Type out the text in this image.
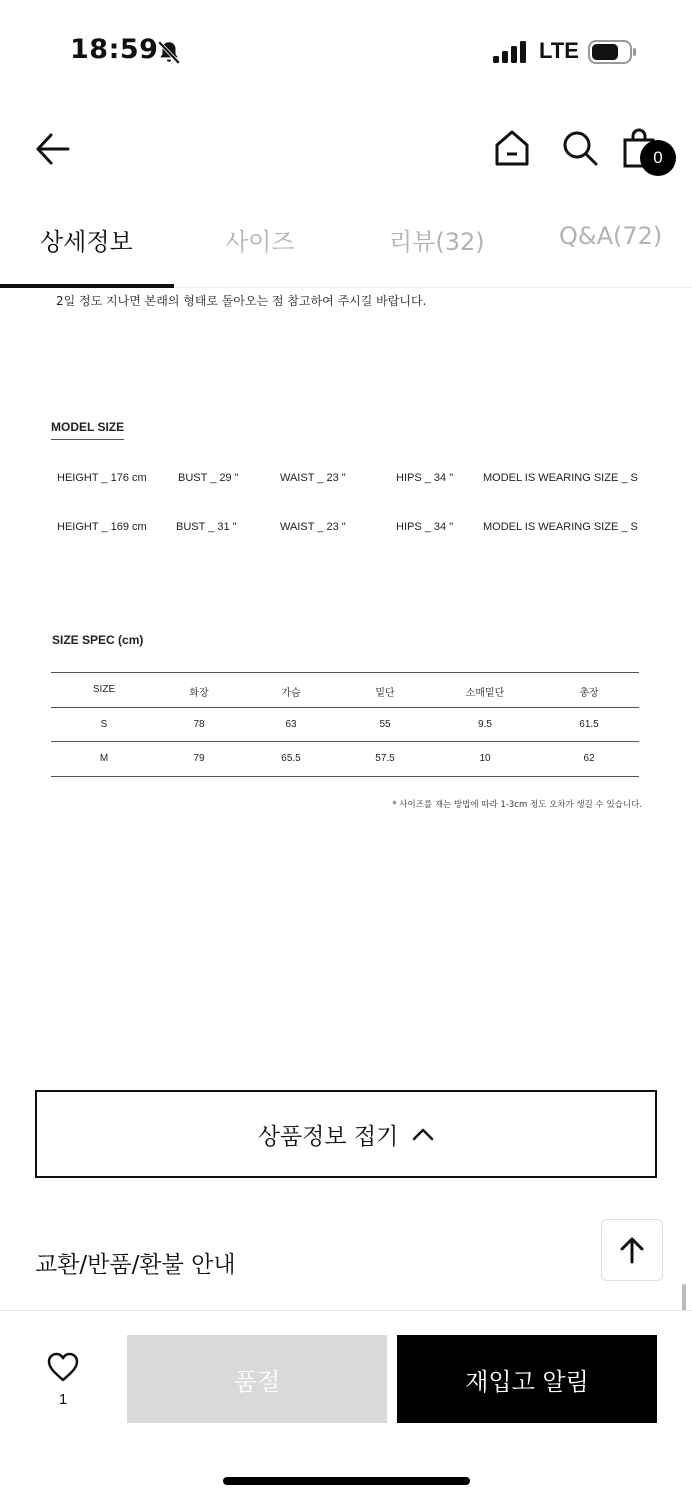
18:59	LTE
0
상세정보	사이즈	리뷰(32)	Q&A(72)
2일 정도 지나면 본래의 형태로 돌아오는 점 참고하여 주시길 바랍니다.
MODEL SIZE
HEIGHT _ 176 cm	BUST _ 29 "	WAIST _ 23 "	HIPS _ 34 "	MODEL IS WEARING SIZE _ S
HEIGHT _ 169 cm	BUST _ 31 "	WAIST _ 23 "	HIPS _ 34 "	MODEL IS WEARING SIZE _ S
SIZE SPEC (cm)
SIZE	화장	가슴	밑단	소매밑단	총장
S	78	63	55	9.5	61.5
M	79	65.5	57.5	10	62
* 사이즈를 재는 방법에 따라 1-3cm 정도 오차가 생길 수 있습니다.
상품정보 접기
교환/반품/환불 안내
1
품절	재입고 알림
